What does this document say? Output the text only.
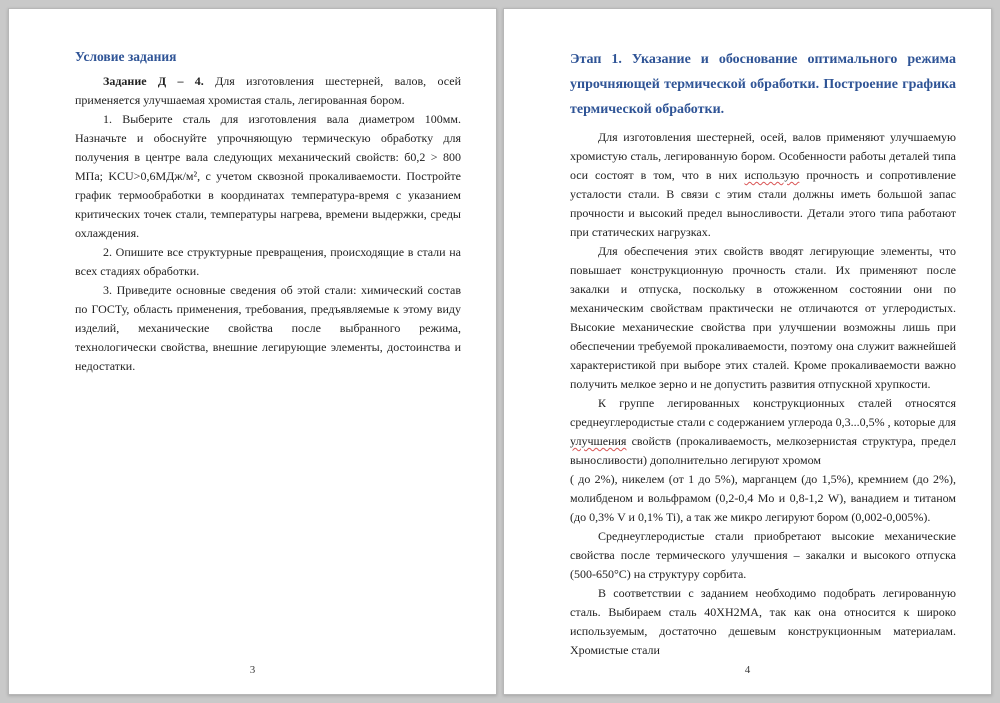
Условие задания

Задание Д – 4. Для изготовления шестерней, валов, осей применяется улучшаемая хромистая сталь, легированная бором.

1. Выберите сталь для изготовления вала диаметром 100мм. Назначьте и обоснуйте упрочняющую термическую обработку для получения в центре вала следующих механический свойств: б0,2 > 800 МПа; KCU>0,6МДж/м², с учетом сквозной прокаливаемости. Постройте график термообработки в координатах температура-время с указанием критических точек стали, температуры нагрева, времени выдержки, среды охлаждения.

2. Опишите все структурные превращения, происходящие в стали на всех стадиях обработки.

3. Приведите основные сведения об этой стали: химический состав по ГОСТу, область применения, требования, предъявляемые к этому виду изделий, механические свойства после выбранного режима, технологически свойства, внешние легирующие элементы, достоинства и недостатки.

3
Этап 1. Указание и обоснование оптимального режима упрочняющей термической обработки. Построение графика термической обработки.

Для изготовления шестерней, осей, валов применяют улучшаемую хромистую сталь, легированную бором. Особенности работы деталей типа оси состоят в том, что в них использую прочность и сопротивление усталости стали. В связи с этим стали должны иметь большой запас прочности и высокий предел выносливости. Детали этого типа работают при статических нагрузках.

Для обеспечения этих свойств вводят легирующие элементы, что повышает конструкционную прочность стали. Их применяют после закалки и отпуска, поскольку в отожженном состоянии они по механическим свойствам практически не отличаются от углеродистых. Высокие механические свойства при улучшении возможны лишь при обеспечении требуемой прокаливаемости, поэтому она служит важнейшей характеристикой при выборе этих сталей. Кроме прокаливаемости важно получить мелкое зерно и не допустить развития отпускной хрупкости.

К группе легированных конструкционных сталей относятся среднеуглеродистые стали с содержанием углерода 0,3...0,5% , которые для улучшения свойств (прокаливаемость, мелкозернистая структура, предел выносливости) дополнительно легируют хромом

( до 2%), никелем (от 1 до 5%), марганцем (до 1,5%), кремнием (до 2%), молибденом и вольфрамом (0,2-0,4 Mo и 0,8-1,2 W), ванадием и титаном (до 0,3% V и 0,1% Ti), а так же микро легируют бором (0,002-0,005%).

Среднеуглеродистые стали приобретают высокие механические свойства после термического улучшения – закалки и высокого отпуска (500-650°С) на структуру сорбита.

В соответствии с заданием необходимо подобрать легированную сталь. Выбираем сталь 40ХН2МА, так как она относится к широко используемым, достаточно дешевым конструкционным материалам. Хромистые стали

4
